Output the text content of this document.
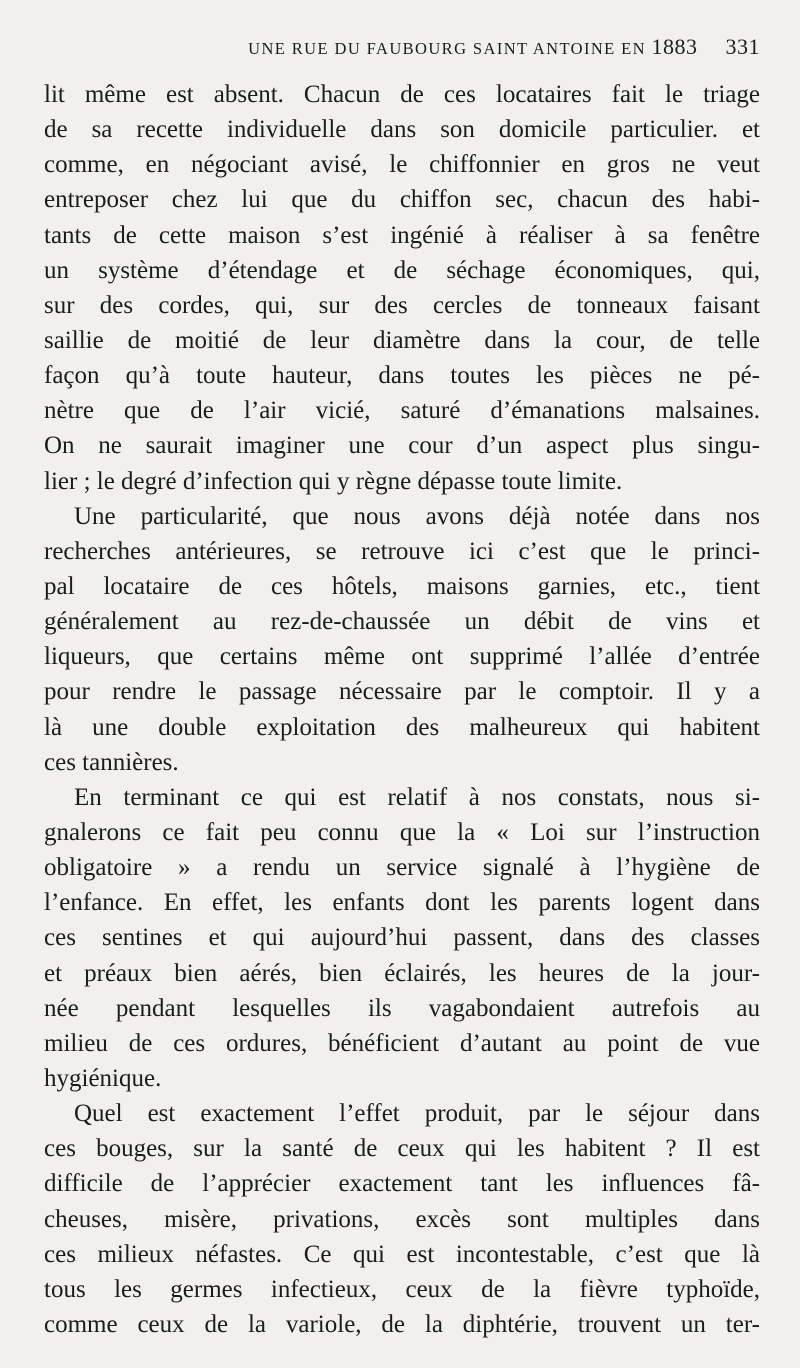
UNE RUE DU FAUBOURG SAINT ANTOINE EN 1883 331
lit même est absent. Chacun de ces locataires fait le triage
de sa recette individuelle dans son domicile particulier. et
comme, en négociant avisé, le chiffonnier en gros ne veut
entreposer chez lui que du chiffon sec, chacun des habi-
tants de cette maison s’est ingénié à réaliser à sa fenêtre
un système d’étendage et de séchage économiques, qui,
sur des cordes, qui, sur des cercles de tonneaux faisant
saillie de moitié de leur diamètre dans la cour, de telle
façon qu’à toute hauteur, dans toutes les pièces ne pé-
nètre que de l’air vicié, saturé d’émanations malsaines.
On ne saurait imaginer une cour d’un aspect plus singu-
lier ; le degré d’infection qui y règne dépasse toute limite.
Une particularité, que nous avons déjà notée dans nos
recherches antérieures, se retrouve ici c’est que le princi-
pal locataire de ces hôtels, maisons garnies, etc., tient
généralement au rez-de-chaussée un débit de vins et
liqueurs, que certains même ont supprimé l’allée d’entrée
pour rendre le passage nécessaire par le comptoir. Il y a
là une double exploitation des malheureux qui habitent
ces tannières.
En terminant ce qui est relatif à nos constats, nous si-
gnalerons ce fait peu connu que la « Loi sur l’instruction
obligatoire » a rendu un service signalé à l’hygiène de
l’enfance. En effet, les enfants dont les parents logent dans
ces sentines et qui aujourd’hui passent, dans des classes
et préaux bien aérés, bien éclairés, les heures de la jour-
née pendant lesquelles ils vagabondaient autrefois au
milieu de ces ordures, bénéficient d’autant au point de vue
hygiénique.
Quel est exactement l’effet produit, par le séjour dans
ces bouges, sur la santé de ceux qui les habitent ? Il est
difficile de l’apprécier exactement tant les influences fâ-
cheuses, misère, privations, excès sont multiples dans
ces milieux néfastes. Ce qui est incontestable, c’est que là
tous les germes infectieux, ceux de la fièvre typhoïde,
comme ceux de la variole, de la diphtérie, trouvent un ter-
